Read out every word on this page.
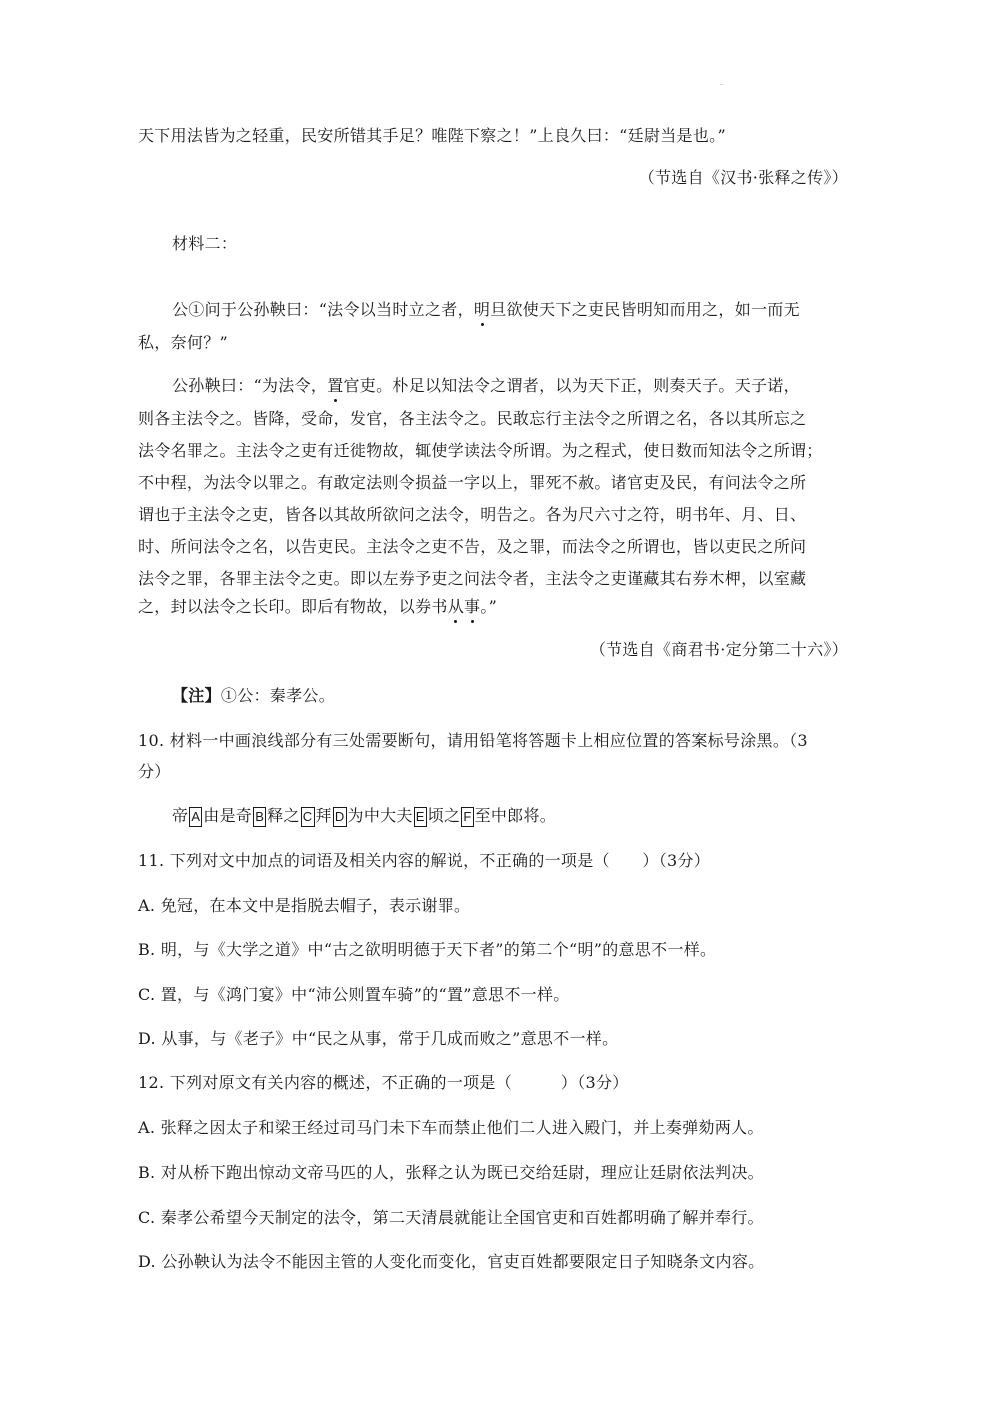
天下用法皆为之轻重，民安所错其手足？唯陛下察之！”上良久曰：“廷尉当是也。”
（节选自《汉书·张释之传》）
材料二：
公①问于公孙鞅曰：“法令以当时立之者，明旦欲使天下之吏民皆明知而用之，如一而无
私，奈何？”
公孙鞅曰：“为法令，置官吏。朴足以知法令之谓者，以为天下正，则奏天子。天子诺，
则各主法令之。皆降，受命，发官，各主法令之。民敢忘行主法令之所谓之名，各以其所忘之
法令名罪之。主法令之吏有迁徙物故，辄使学读法令所谓。为之程式，使日数而知法令之所谓；
不中程，为法令以罪之。有敢定法则令损益一字以上，罪死不赦。诸官吏及民，有问法令之所
谓也于主法令之吏，皆各以其故所欲问之法令，明告之。各为尺六寸之符，明书年、月、日、
时、所问法令之名，以告吏民。主法令之吏不告，及之罪，而法令之所谓也，皆以吏民之所问
法令之罪，各罪主法令之吏。即以左券予吏之问法令者，主法令之吏谨藏其右券木柙，以室藏
之，封以法令之长印。即后有物故，以券书从事。”
（节选自《商君书·定分第二十六》）
【注】①公：秦孝公。
10. 材料一中画浪线部分有三处需要断句，请用铅笔将答题卡上相应位置的答案标号涂黑。（3
分）
帝 A 由是奇 B 释之 C 拜 D 为中大夫 E 顷之 F 至中郎将。
11. 下列对文中加点的词语及相关内容的解说，不正确的一项是（　　）（3分）
A. 免冠，在本文中是指脱去帽子，表示谢罪。
B. 明，与《大学之道》中“古之欲明明德于天下者”的第二个“明”的意思不一样。
C. 置，与《鸿门宴》中“沛公则置车骑”的“置”意思不一样。
D. 从事，与《老子》中“民之从事，常于几成而败之”意思不一样。
12. 下列对原文有关内容的概述，不正确的一项是（　　　）（3分）
A. 张释之因太子和梁王经过司马门未下车而禁止他们二人进入殿门，并上奏弹劾两人。
B. 对从桥下跑出惊动文帝马匹的人，张释之认为既已交给廷尉，理应让廷尉依法判决。
C. 秦孝公希望今天制定的法令，第二天清晨就能让全国官吏和百姓都明确了解并奉行。
D. 公孙鞅认为法令不能因主管的人变化而变化，官吏百姓都要限定日子知晓条文内容。
